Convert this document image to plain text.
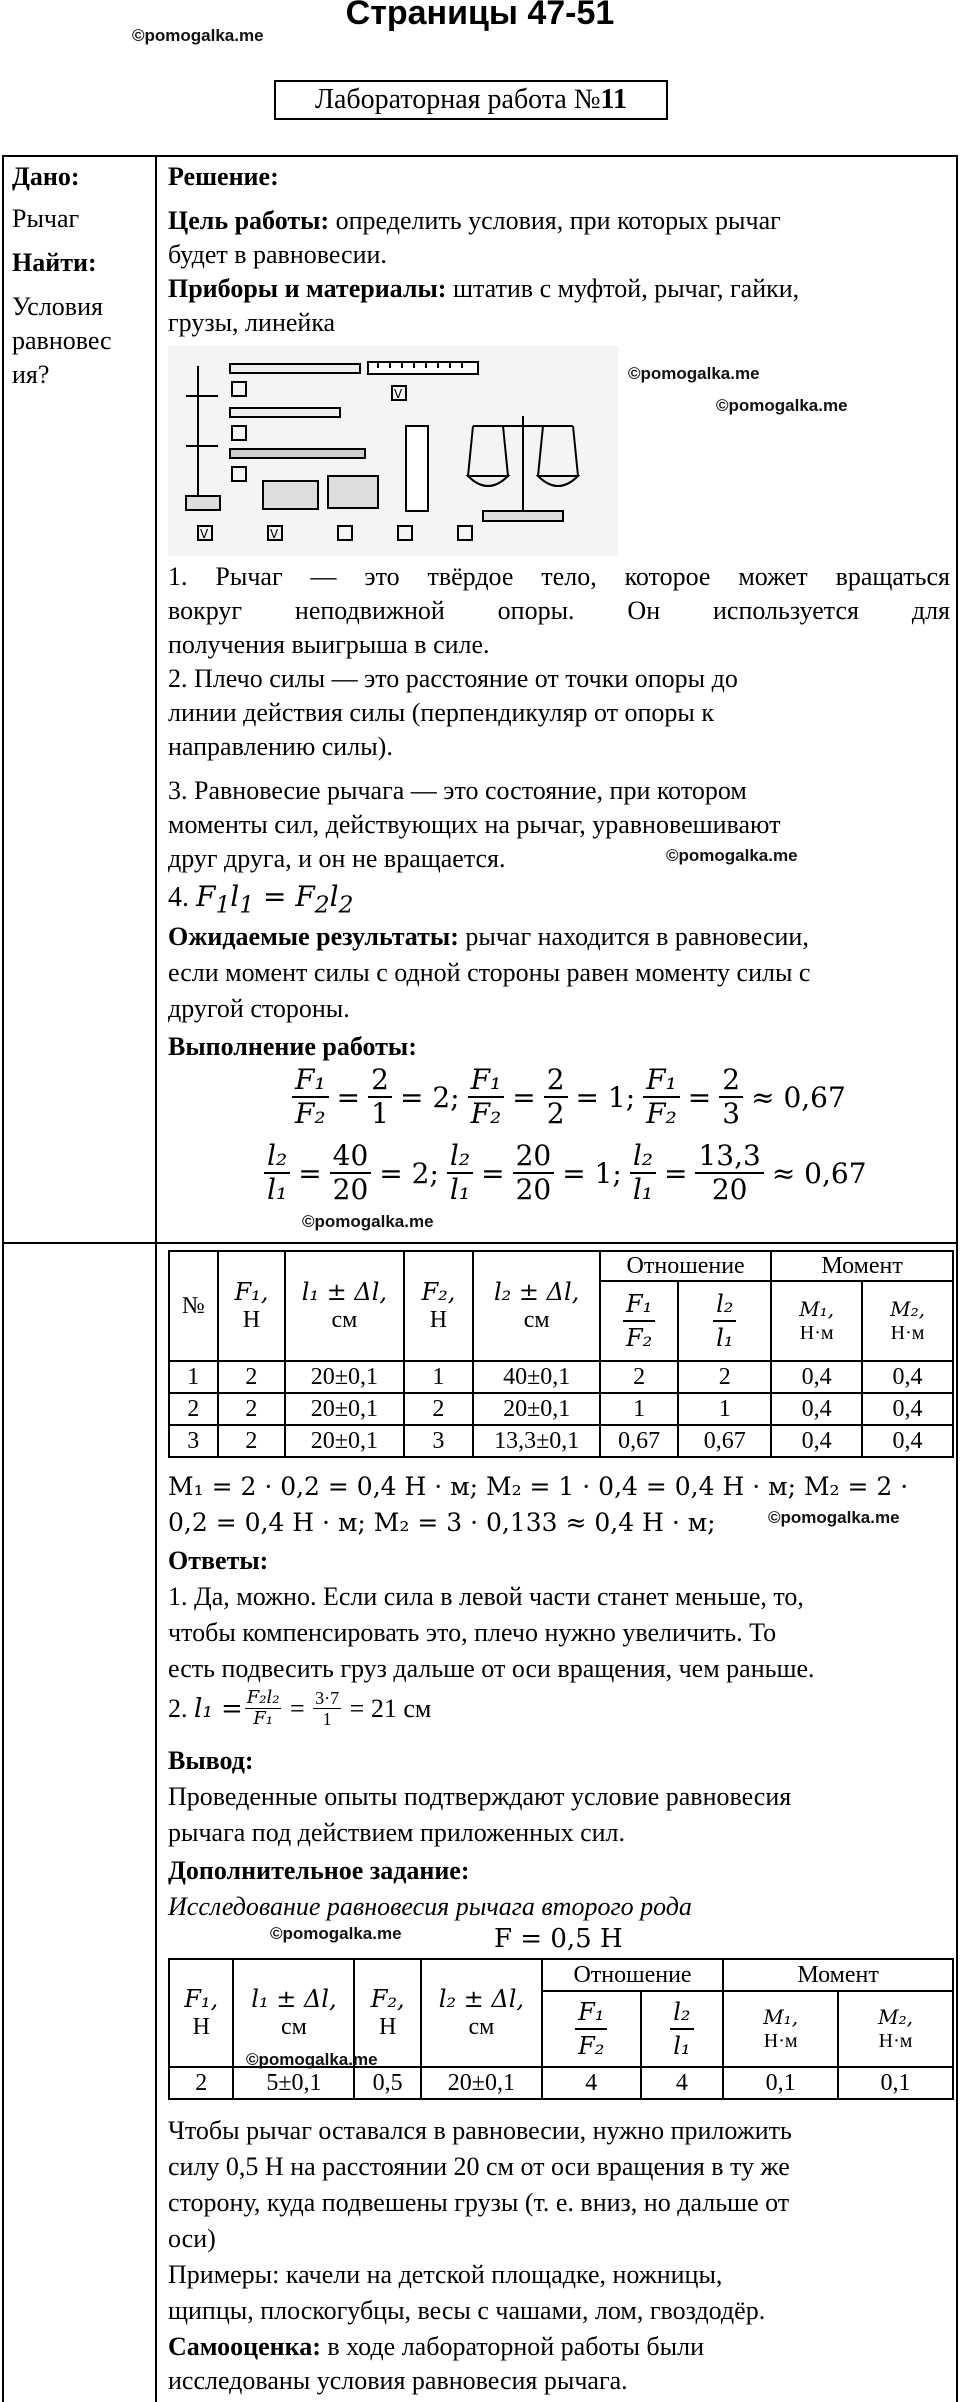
Страницы 47-51
©pomogalka.me
Лабораторная работа №11
Дано:
Рычаг
Найти:
Условия
равновес
ия?
Решение:
Цель работы: определить условия, при которых рычаг
будет в равновесии.
Приборы и материалы: штатив с муфтой, рычаг, гайки,
грузы, линейка
V
V	V
©pomogalka.me
©pomogalka.me
1. Рычаг — это твёрдое тело, которое может вращаться
вокруг неподвижной опоры. Он используется для
получения выигрыша в силе.
2. Плечо силы — это расстояние от точки опоры до
линии действия силы (перпендикуляр от опоры к
направлению силы).
3. Равновесие рычага — это состояние, при котором
моменты сил, действующих на рычаг, уравновешивают
друг друга, и он не вращается.	©pomogalka.me
4. $F_1l_1 = F_2l_2$
Ожидаемые результаты: рычаг находится в равновесии,
если момент силы с одной стороны равен моменту силы с
другой стороны.
Выполнение работы:
$\frac{\text{F₁}}{\text{F₂}} = \frac{2}{1} = 2$; $\frac{\text{F₁}}{\text{F₂}} = \frac{2}{2} = 1$; $\frac{\text{F₁}}{\text{F₂}} = \frac{2}{3} \approx 0,67$
$\frac{\text{l₂}}{\text{l₁}} = \frac{40}{20} = 2$; $\frac{\text{l₂}}{\text{l₁}} = \frac{20}{20} = 1$; $\frac{\text{l₂}}{\text{l₁}} = \frac{13,3}{20} \approx 0,67$
©pomogalka.me
№	F₁,
Н	l₁ ± Δl,
см	F₂,
Н	l₂ ± Δl,
см	Отношение		Момент	

					$\frac{\text{F₁}}{\text{F₂}}$	$\frac{\text{l₂}}{\text{l₁}}$	M₁,
Н·м	M₂,
Н·м
1	2	20±0,1	1	40±0,1	2	2	0,4	0,4
2	2	20±0,1	2	20±0,1	1	1	0,4	0,4
3	2	20±0,1	3	13,3±0,1	0,67	0,67	0,4	0,4
M₁ = 2 · 0,2 = 0,4 Н · м; M₂ = 1 · 0,4 = 0,4 Н · м; M₂ = 2 ·
0,2 = 0,4 Н · м; M₂ = 3 · 0,133 ≈ 0,4 Н · м;	©pomogalka.me
Ответы:
1. Да, можно. Если сила в левой части станет меньше, то,
чтобы компенсировать это, плечо нужно увеличить. То
есть подвесить груз дальше от оси вращения, чем раньше.
2.
$l_1 = \frac{\text{F₂l₂}}{\text{F₁}} = \frac{3\cdot 7}{1}$
= 21 см
Вывод:
Проведенные опыты подтверждают условие равновесия
рычага под действием приложенных сил.
Дополнительное задание:
Исследование равновесия рычага второго рода
©pomogalka.me	F = 0,5 Н
F₁,
Н	l₁ ± Δl,
см	F₂,
Н	l₂ ± Δl,
см	Отношение		Момент	

				$\frac{\text{F₁}}{\text{F₂}}$	$\frac{\text{l₂}}{\text{l₁}}$	M₁,
Н·м	M₂,
Н·м
2	5±0,1	0,5	20±0,1	4	4	0,1	0,1
©pomogalka.me
Чтобы рычаг оставался в равновесии, нужно приложить
силу 0,5 Н на расстоянии 20 см от оси вращения в ту же
сторону, куда подвешены грузы (т. е. вниз, но дальше от
оси)
Примеры: качели на детской площадке, ножницы,
щипцы, плоскогубцы, весы с чашами, лом, гвоздодёр.
Самооценка: в ходе лабораторной работы были
исследованы условия равновесия рычага.
